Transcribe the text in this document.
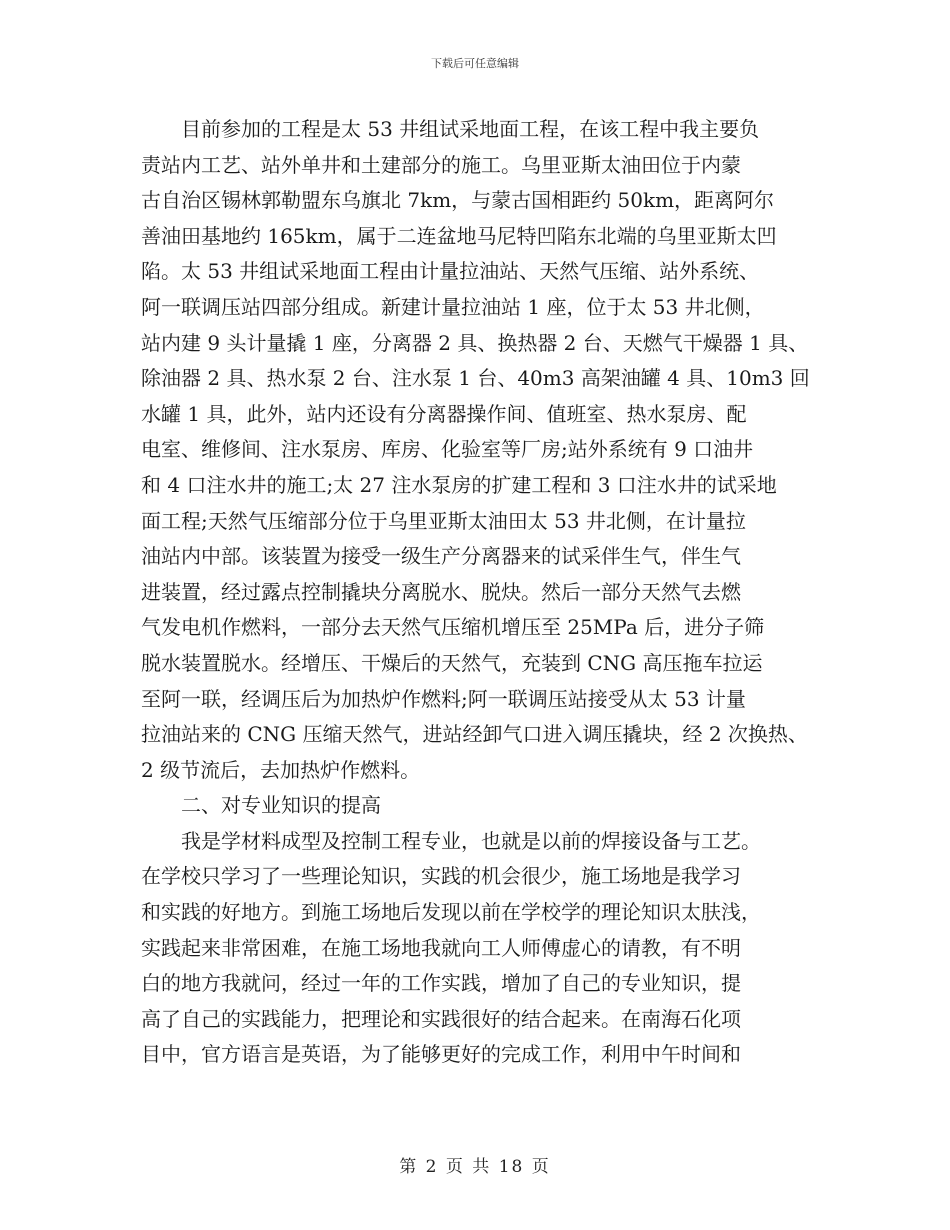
下载后可任意编辑
　　目前参加的工程是太 53 井组试采地面工程，在该工程中我主要负
责站内工艺、站外单井和土建部分的施工。乌里亚斯太油田位于内蒙
古自治区锡林郭勒盟东乌旗北 7km，与蒙古国相距约 50km，距离阿尔
善油田基地约 165km，属于二连盆地马尼特凹陷东北端的乌里亚斯太凹
陷。太 53 井组试采地面工程由计量拉油站、天然气压缩、站外系统、
阿一联调压站四部分组成。新建计量拉油站 1 座，位于太 53 井北侧，
站内建 9 头计量撬 1 座，分离器 2 具、换热器 2 台、天燃气干燥器 1 具、
除油器 2 具、热水泵 2 台、注水泵 1 台、40m3 高架油罐 4 具、10m3 回
水罐 1 具，此外，站内还设有分离器操作间、值班室、热水泵房、配
电室、维修间、注水泵房、库房、化验室等厂房;站外系统有 9 口油井
和 4 口注水井的施工;太 27 注水泵房的扩建工程和 3 口注水井的试采地
面工程;天然气压缩部分位于乌里亚斯太油田太 53 井北侧，在计量拉
油站内中部。该装置为接受一级生产分离器来的试采伴生气，伴生气
进装置，经过露点控制撬块分离脱水、脱炔。然后一部分天然气去燃
气发电机作燃料，一部分去天然气压缩机增压至 25MPa 后，进分子筛
脱水装置脱水。经增压、干燥后的天然气，充装到 CNG 高压拖车拉运
至阿一联，经调压后为加热炉作燃料;阿一联调压站接受从太 53 计量
拉油站来的 CNG 压缩天然气，进站经卸气口进入调压撬块，经 2 次换热、
2 级节流后，去加热炉作燃料。
　　二、对专业知识的提高
　　我是学材料成型及控制工程专业，也就是以前的焊接设备与工艺。
在学校只学习了一些理论知识，实践的机会很少，施工场地是我学习
和实践的好地方。到施工场地后发现以前在学校学的理论知识太肤浅，
实践起来非常困难，在施工场地我就向工人师傅虚心的请教，有不明
白的地方我就问，经过一年的工作实践，增加了自己的专业知识，提
高了自己的实践能力，把理论和实践很好的结合起来。在南海石化项
目中，官方语言是英语，为了能够更好的完成工作，利用中午时间和
第 2 页 共 18 页
